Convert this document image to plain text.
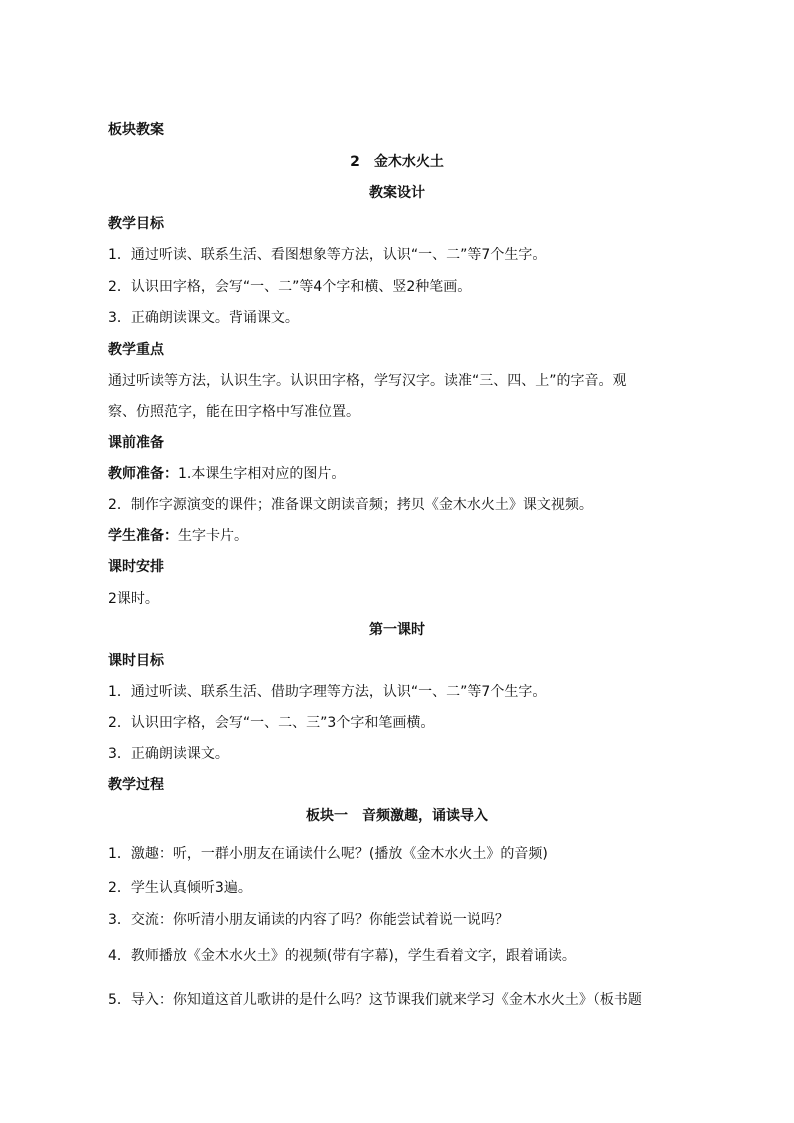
板块教案
2　金木水火土
教案设计
教学目标
1．通过听读、联系生活、看图想象等方法，认识“一、二”等7个生字。
2．认识田字格，会写“一、二”等4个字和横、竖2种笔画。
3．正确朗读课文。背诵课文。
教学重点
通过听读等方法，认识生字。认识田字格，学写汉字。读准“三、四、上”的字音。观
察、仿照范字，能在田字格中写准位置。
课前准备
教师准备：1.本课生字相对应的图片。
2．制作字源演变的课件；准备课文朗读音频；拷贝《金木水火土》课文视频。
学生准备：生字卡片。
课时安排
2课时。
第一课时
课时目标
1．通过听读、联系生活、借助字理等方法，认识“一、二”等7个生字。
2．认识田字格，会写“一、二、三”3个字和笔画横。
3．正确朗读课文。
教学过程
板块一　音频激趣，诵读导入
1．激趣：听，一群小朋友在诵读什么呢？(播放《金木水火土》的音频)
2．学生认真倾听3遍。
3．交流：你听清小朋友诵读的内容了吗？你能尝试着说一说吗？
4．教师播放《金木水火土》的视频(带有字幕)，学生看着文字，跟着诵读。
5．导入：你知道这首儿歌讲的是什么吗？这节课我们就来学习《金木水火土》（板书题
